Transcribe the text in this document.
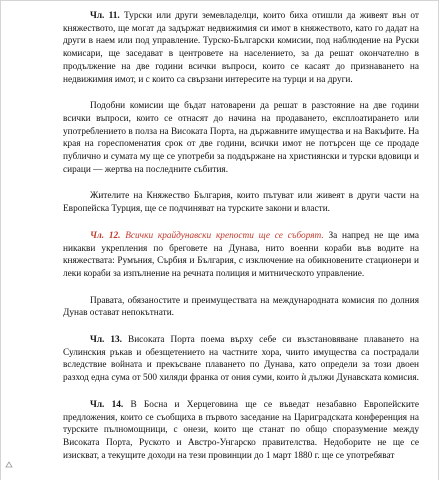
Чл. 11. Турски или други земевладелци, които биха отишли да живеят вън от княжеството, ще могат да задържат недвижимия си имот в княжеството, като го дадат на други в наем или под управление. Турско-Български комисии, под наблюдение на Руски комисари, ще заседават в центровете на населението, за да решат окончателно в продължение на две години всички въпроси, които се касаят до признаването на недвижимия имот, и с които са свързани интересите на турци и на други.

Подобни комисии ще бъдат натоварени да решат в разстояние на две години всички въпроси, които се отнасят до начина на продаването, експлоатирането или употреблението в полза на Високата Порта, на държавните имущества и на Вакъфите. На края на гореспоменатия срок от две години, всички имот не потърсен ще се продаде публично и сумата му ще се употреби за поддържане на християнски и турски вдовици и сираци — жертва на последните събития.

Жителите на Княжество България, които пътуват или живеят в други части на Европейска Турция, ще се подчиняват на турските закони и власти.

Чл. 12. Всички крайдунавски крепости ще се съборят. За напред не ще има никакви укрепления по бреговете на Дунава, нито военни кораби във водите на княжествата: Румъния, Сърбия и България, с изключение на обикновените стационери и леки кораби за изпълнение на речната полиция и митническото управление.

Правата, обязаностите и преимуществата на международната комисия по долния Дунав остават непокътнати.

Чл. 13. Високата Порта поема върху себе си възстановяване плаването на Сулинския ръкав и обезщетението на частните хора, чиито имущества са пострадали вследствие войната и прекъсване плаването по Дунава, като определи за този двоен разход една сума от 500 хиляди франка от ония суми, които ѝ дължи Дунавската комисия.

Чл. 14. В Босна и Херцеговина ще се въведат незабавно Европейските предложения, които се съобщиха в първото заседание на Цариградската конференция на турските пълномощници, с онези, които ще станат по общо споразумение между Високата Порта, Руското и Австро-Унгарско правителства. Недоборите не ще се изискват, а текущите доходи на тези провинции до 1 март 1880 г. ще се употребяват
